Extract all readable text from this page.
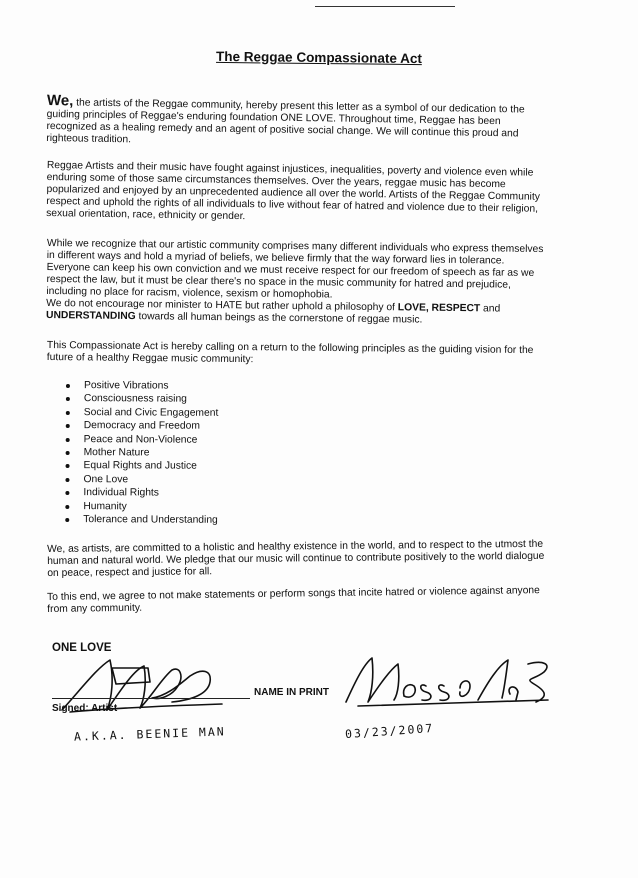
The Reggae Compassionate Act

We, the artists of the Reggae community, hereby present this letter as a symbol of our dedication to the guiding principles of Reggae's enduring foundation ONE LOVE. Throughout time, Reggae has been recognized as a healing remedy and an agent of positive social change. We will continue this proud and righteous tradition.

Reggae Artists and their music have fought against injustices, inequalities, poverty and violence even while enduring some of those same circumstances themselves. Over the years, reggae music has become popularized and enjoyed by an unprecedented audience all over the world. Artists of the Reggae Community respect and uphold the rights of all individuals to live without fear of hatred and violence due to their religion, sexual orientation, race, ethnicity or gender.

While we recognize that our artistic community comprises many different individuals who express themselves in different ways and hold a myriad of beliefs, we believe firmly that the way forward lies in tolerance. Everyone can keep his own conviction and we must receive respect for our freedom of speech as far as we respect the law, but it must be clear there's no space in the music community for hatred and prejudice, including no place for racism, violence, sexism or homophobia.

We do not encourage nor minister to HATE but rather uphold a philosophy of LOVE, RESPECT and UNDERSTANDING towards all human beings as the cornerstone of reggae music.

This Compassionate Act is hereby calling on a return to the following principles as the guiding vision for the future of a healthy Reggae music community:

Positive Vibrations
Consciousness raising
Social and Civic Engagement
Democracy and Freedom
Peace and Non-Violence
Mother Nature
Equal Rights and Justice
One Love
Individual Rights
Humanity
Tolerance and Understanding

We, as artists, are committed to a holistic and healthy existence in the world, and to respect to the utmost the human and natural world. We pledge that our music will continue to contribute positively to the world dialogue on peace, respect and justice for all.

To this end, we agree to not make statements or perform songs that incite hatred or violence against anyone from any community.

ONE LOVE
Signed: Artist
NAME IN PRINT
A.K.A. BEENIE MAN	03/23/2007
